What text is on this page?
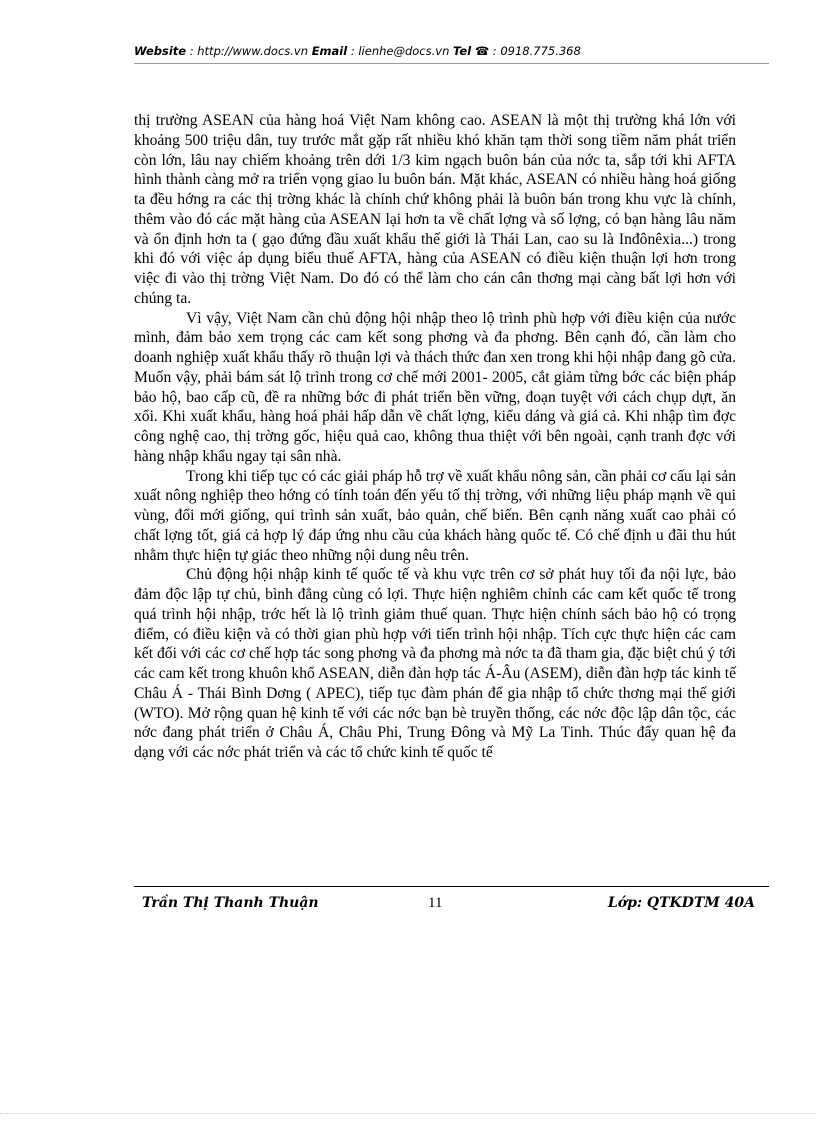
Website : http://www.docs.vn Email : lienhe@docs.vn Tel ☎ : 0918.775.368

thị trường ASEAN của hàng hoá Việt Nam không cao. ASEAN là một thị trường khá lớn với khoảng 500 triệu dân, tuy trước mắt gặp rất nhiều khó khăn tạm thời song tiềm năm phát triển còn lớn, lâu nay chiếm khoảng trên dới 1/3 kim ngạch buôn bán của nớc ta, sắp tới khi AFTA hình thành càng mở ra triển vọng giao lu buôn bán. Mặt khác, ASEAN có nhiều hàng hoá giống ta đều hớng ra các thị trờng khác là chính chứ không phải là buôn bán trong khu vực là chính, thêm vào đó các mặt hàng của ASEAN lại hơn ta về chất lợng và số lợng, có bạn hàng lâu năm và ổn định hơn ta ( gạo đứng đầu xuất khẩu thế giới là Thái Lan, cao su là Inđônêxia...) trong khi đó với việc áp dụng biểu thuế AFTA, hàng của ASEAN có điều kiện thuận lợi hơn trong việc đi vào thị trờng Việt Nam. Do đó có thể làm cho cán cân thơng mại càng bất lợi hơn với chúng ta.

Vì vậy, Việt Nam cần chủ động hội nhập theo lộ trình phù hợp với điều kiện của nước mình, đảm bảo xem trọng các cam kết song phơng và đa phơng. Bên cạnh đó, cần làm cho doanh nghiệp xuất khẩu thấy rõ thuận lợi và thách thức đan xen trong khi hội nhập đang gõ cửa. Muốn vậy, phải bám sát lộ trình trong cơ chế mới 2001- 2005, cắt giảm từng bớc các biện pháp bảo hộ, bao cấp cũ, đề ra những bớc đi phát triển bền vững, đoạn tuyệt với cách chụp dựt, ăn xổi. Khi xuất khẩu, hàng hoá phải hấp dẫn về chất lợng, kiểu dáng và giá cả. Khi nhập tìm đợc công nghệ cao, thị trờng gốc, hiệu quả cao, không thua thiệt với bên ngoài, cạnh tranh đợc với hàng nhập khẩu ngay tại sân nhà.

Trong khi tiếp tục có các giải pháp hỗ trợ về xuất khẩu nông sản, cần phải cơ cấu lại sản xuất nông nghiệp theo hớng có tính toán đến yếu tố thị trờng, với những liệu pháp mạnh về qui vùng, đổi mới giống, qui trình sản xuất, bảo quản, chế biến. Bên cạnh năng xuất cao phải có chất lợng tốt, giá cả hợp lý đáp ứng nhu cầu của khách hàng quốc tế. Có chế định u đãi thu hút nhằm thực hiện tự giác theo những nội dung nêu trên.

Chủ động hội nhập kinh tế quốc tế và khu vực trên cơ sở phát huy tối đa nội lực, bảo đảm độc lập tự chủ, bình đẳng cùng có lợi. Thực hiện nghiêm chỉnh các cam kết quốc tế trong quá trình hội nhập, trớc hết là lộ trình giảm thuế quan. Thực hiện chính sách bảo hộ có trọng điểm, có điều kiện và có thời gian phù hợp với tiến trình hội nhập. Tích cực thực hiện các cam kết đối với các cơ chế hợp tác song phơng và đa phơng mà nớc ta đã tham gia, đặc biệt chú ý tới các cam kết trong khuôn khổ ASEAN, diễn đàn hợp tác Á-Âu (ASEM), diễn đàn hợp tác kinh tế Châu Á - Thái Bình Dơng ( APEC), tiếp tục đàm phán để gia nhập tổ chức thơng mại thế giới (WTO). Mở rộng quan hệ kinh tế với các nớc bạn bè truyền thống, các nớc độc lập dân tộc, các nớc đang phát triển ở Châu Á, Châu Phi, Trung Đông và Mỹ La Tinh. Thúc đẩy quan hệ đa dạng với các nớc phát triển và các tổ chức kinh tế quốc tế

Trần Thị Thanh Thuận	11	Lớp: QTKDTM 40A
